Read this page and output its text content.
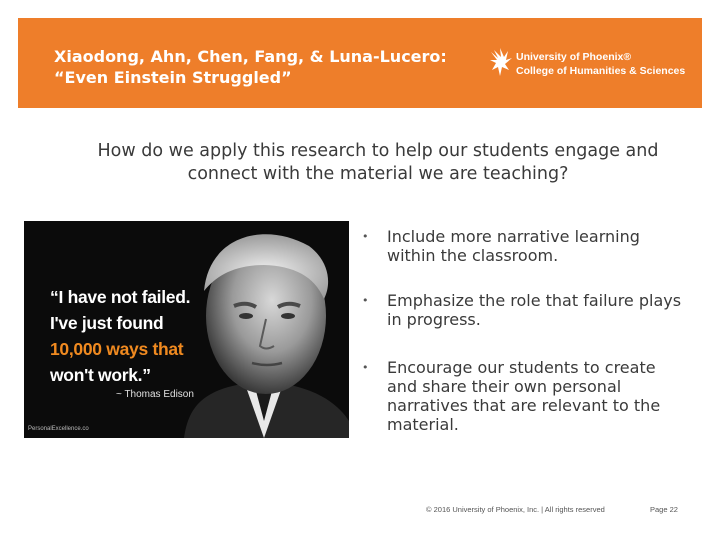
Xiaodong, Ahn, Chen, Fang, & Luna-Lucero:
“Even Einstein Struggled”
University of Phoenix®
College of Humanities & Sciences
How do we apply this research to help our students engage and connect with the material we are teaching?
“I have not failed.
I've just found
10,000 ways that
won't work.”
~ Thomas Edison
PersonalExcellence.co
• Include more narrative learning within the classroom.
• Emphasize the role that failure plays in progress.
• Encourage our students to create and share their own personal narratives that are relevant to the material.
© 2016 University of Phoenix, Inc. | All rights reserved	Page 22
